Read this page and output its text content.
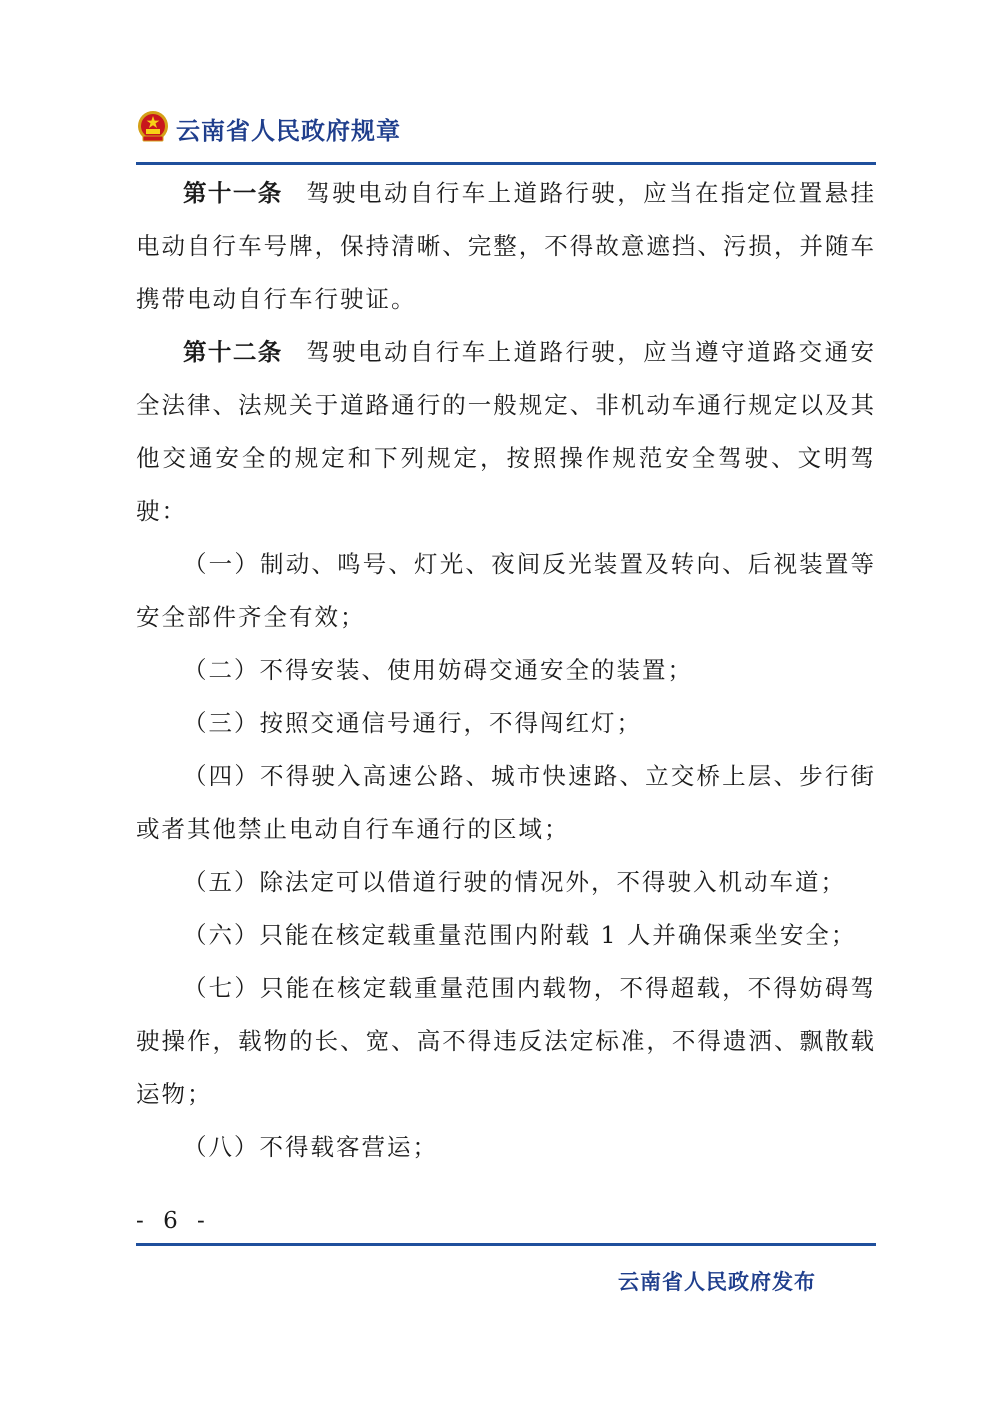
云南省人民政府规章

第十一条 驾驶电动自行车上道路行驶，应当在指定位置悬挂电动自行车号牌，保持清晰、完整，不得故意遮挡、污损，并随车携带电动自行车行驶证。

第十二条 驾驶电动自行车上道路行驶，应当遵守道路交通安全法律、法规关于道路通行的一般规定、非机动车通行规定以及其他交通安全的规定和下列规定，按照操作规范安全驾驶、文明驾驶：

（一）制动、鸣号、灯光、夜间反光装置及转向、后视装置等安全部件齐全有效；

（二）不得安装、使用妨碍交通安全的装置；

（三）按照交通信号通行，不得闯红灯；

（四）不得驶入高速公路、城市快速路、立交桥上层、步行街或者其他禁止电动自行车通行的区域；

（五）除法定可以借道行驶的情况外，不得驶入机动车道；

（六）只能在核定载重量范围内附载 1 人并确保乘坐安全；

（七）只能在核定载重量范围内载物，不得超载，不得妨碍驾驶操作，载物的长、宽、高不得违反法定标准，不得遗洒、飘散载运物；

（八）不得载客营运；

- 6 -
云南省人民政府发布
